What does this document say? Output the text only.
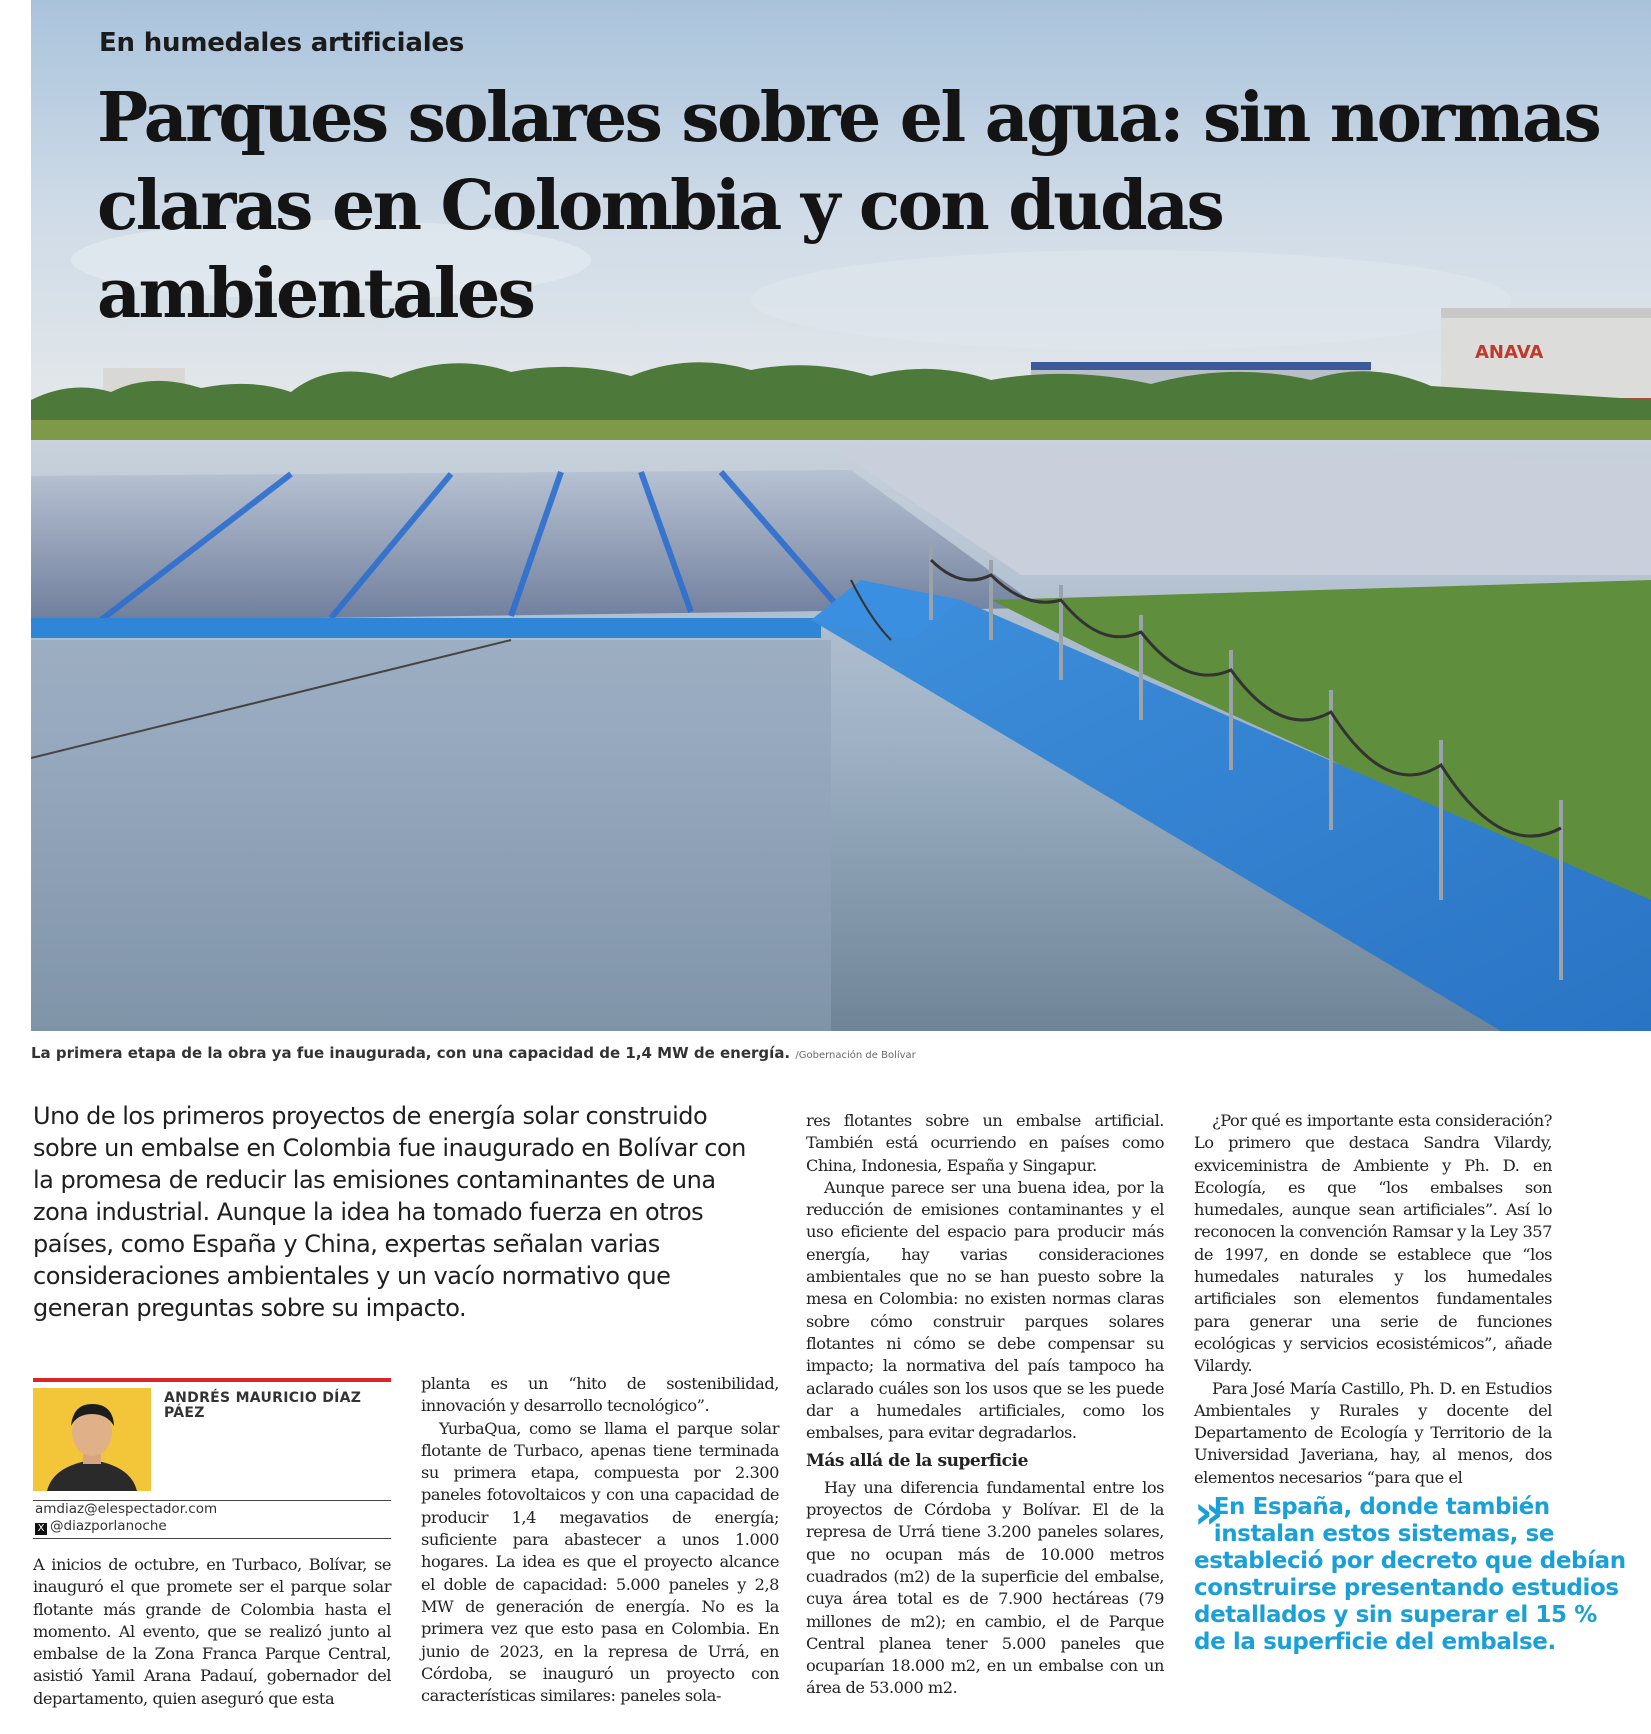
ANAVA
En humedales artificiales
Parques solares sobre el agua: sin normas claras en Colombia y con dudas ambientales
La primera etapa de la obra ya fue inaugurada, con una capacidad de 1,4 MW de energía. /Gobernación de Bolívar

Uno de los primeros proyectos de energía solar construido sobre un embalse en Colombia fue inaugurado en Bolívar con la promesa de reducir las emisiones contaminantes de una zona industrial. Aunque la idea ha tomado fuerza en otros países, como España y China, expertas señalan varias consideraciones ambientales y un vacío normativo que generan preguntas sobre su impacto.

ANDRÉS MAURICIO DÍAZ PÁEZ
amdiaz@elespectador.com
X @diazporlanoche

A inicios de octubre, en Turbaco, Bolívar, se inauguró el que promete ser el parque solar flotante más grande de Colombia hasta el momento. Al evento, que se realizó junto al embalse de la Zona Franca Parque Central, asistió Yamil Arana Padauí, gobernador del departamento, quien aseguró que esta

planta es un “hito de sostenibilidad, innovación y desarrollo tecnológico”.

YurbaQua, como se llama el parque solar flotante de Turbaco, apenas tiene terminada su primera etapa, compuesta por 2.300 paneles fotovoltaicos y con una capacidad de producir 1,4 megavatios de energía; suficiente para abastecer a unos 1.000 hogares. La idea es que el proyecto alcance el doble de capacidad: 5.000 paneles y 2,8 MW de generación de energía. No es la primera vez que esto pasa en Colombia. En junio de 2023, en la represa de Urrá, en Córdoba, se inauguró un proyecto con características similares: paneles sola-

res flotantes sobre un embalse artificial. También está ocurriendo en países como China, Indonesia, España y Singapur.

Aunque parece ser una buena idea, por la reducción de emisiones contaminantes y el uso eficiente del espacio para producir más energía, hay varias consideraciones ambientales que no se han puesto sobre la mesa en Colombia: no existen normas claras sobre cómo construir parques solares flotantes ni cómo se debe compensar su impacto; la normativa del país tampoco ha aclarado cuáles son los usos que se les puede dar a humedales artificiales, como los embalses, para evitar degradarlos.

Más allá de la superficie

Hay una diferencia fundamental entre los proyectos de Córdoba y Bolívar. El de la represa de Urrá tiene 3.200 paneles solares, que no ocupan más de 10.000 metros cuadrados (m2) de la superficie del embalse, cuya área total es de 7.900 hectáreas (79 millones de m2); en cambio, el de Parque Central planea tener 5.000 paneles que ocuparían 18.000 m2, en un embalse con un área de 53.000 m2.

¿Por qué es importante esta consideración? Lo primero que destaca Sandra Vilardy, exviceministra de Ambiente y Ph. D. en Ecología, es que “los embalses son humedales, aunque sean artificiales”. Así lo reconocen la convención Ramsar y la Ley 357 de 1997, en donde se establece que “los humedales naturales y los humedales artificiales son elementos fundamentales para generar una serie de funciones ecológicas y servicios ecosistémicos”, añade Vilardy.

Para José María Castillo, Ph. D. en Estudios Ambientales y Rurales y docente del Departamento de Ecología y Territorio de la Universidad Javeriana, hay, al menos, dos elementos necesarios “para que el

» En España, donde también instalan estos sistemas, se estableció por decreto que debían construirse presentando estudios detallados y sin superar el 15 % de la superficie del embalse.
